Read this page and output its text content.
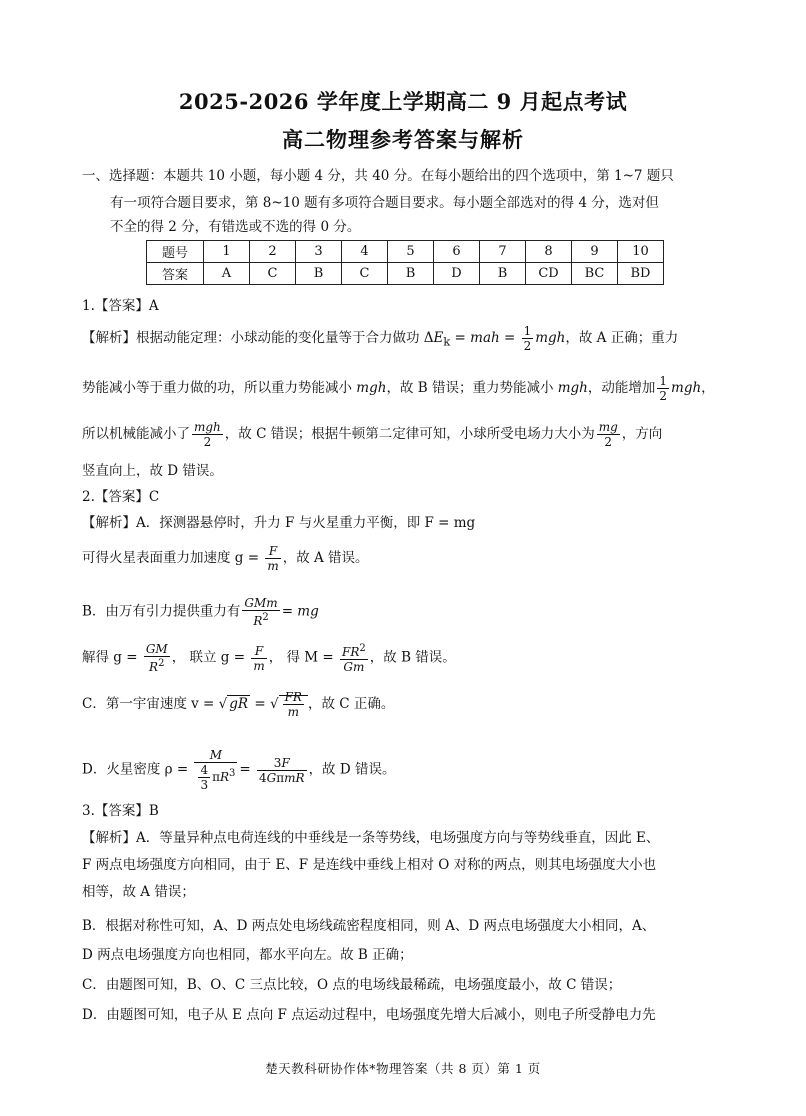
2025-2026 学年度上学期高二 9 月起点考试
高二物理参考答案与解析
一、选择题：本题共 10 小题，每小题 4 分，共 40 分。在每小题给出的四个选项中，第 1~7 题只
有一项符合题目要求，第 8~10 题有多项符合题目要求。每小题全部选对的得 4 分，选对但
不全的得 2 分，有错选或不选的得 0 分。
题号	1	2	3	4	5	6	7	8	9	10
答案	A	C	B	C	B	D	B	CD	BC	BD
1.【答案】A
【解析】根据动能定理：小球动能的变化量等于合力做功 $\Delta E_k$ = mah = $\frac{1}{2}$ mgh，故 A 正确；重力
势能减小等于重力做的功，所以重力势能减小 mgh，故 B 错误；重力势能减小 mgh，动能增加 $\frac{1}{2}$ mgh，
所以机械能减小了 $\frac{\text{mgh}}{2}$ ，故 C 错误；根据牛顿第二定律可知，小球所受电场力大小为 $\frac{mg}{2}$ ，方向
竖直向上，故 D 错误。
2.【答案】C
【解析】A．探测器悬停时，升力 F 与火星重力平衡，即 F = mg
可得火星表面重力加速度 $g = \frac{F}{m}$ ，故 A 错误。
B．由万有引力提供重力有 $\frac{\text{GMm}}{R^2}$ = mg
解得 $g = \frac{GM}{R^2}$ ， 联立 $g = \frac{F}{m}$ ， 得 $M = \frac{FR^2}{Gm}$ ，故 B 错误。
C．第一宇宙速度 v = √ gR = √ $\frac{FR}{m}$ ，故 C 正确。
D．火星密度 $\rho = \frac{M}{\frac{4}{3} \pi R^3} = \frac{3F}{\text{4GπmR}}$ ，故 D 错误。
3.【答案】B
【解析】A．等量异种点电荷连线的中垂线是一条等势线，电场强度方向与等势线垂直，因此 E、
F 两点电场强度方向相同，由于 E、F 是连线中垂线上相对 O 对称的两点，则其电场强度大小也
相等，故 A 错误；
B．根据对称性可知，A、D 两点处电场线疏密程度相同，则 A、D 两点电场强度大小相同，A、
D 两点电场强度方向也相同，都水平向左。故 B 正确；
C．由题图可知，B、O、C 三点比较，O 点的电场线最稀疏，电场强度最小，故 C 错误；
D．由题图可知，电子从 E 点向 F 点运动过程中，电场强度先增大后减小，则电子所受静电力先
楚天教科研协作体*物理答案（共 8 页）第 1 页
